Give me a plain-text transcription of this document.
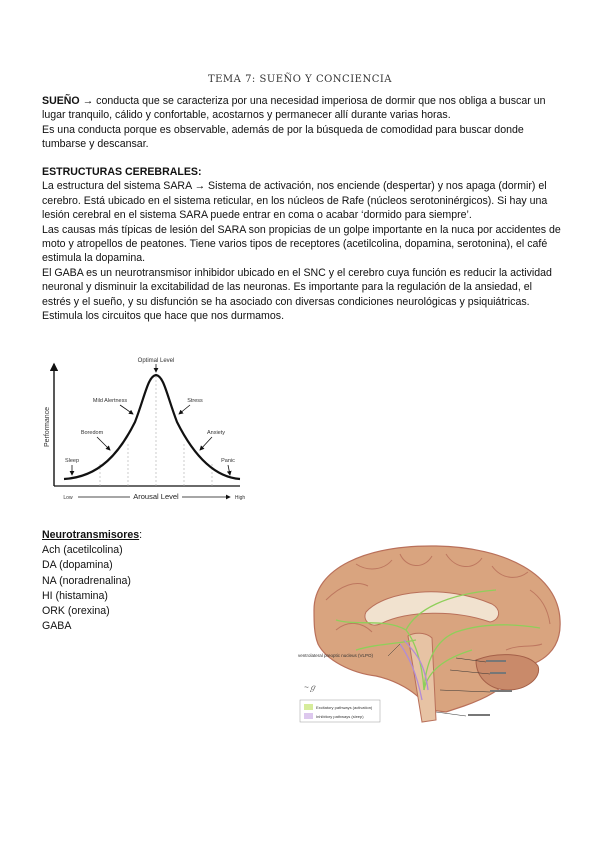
TEMA 7: SUEÑO Y CONCIENCIA

SUEÑO → conducta que se caracteriza por una necesidad imperiosa de dormir que nos obliga a buscar un lugar tranquilo, cálido y confortable, acostarnos y permanecer allí durante varias horas.

Es una conducta porque es observable, además de por la búsqueda de comodidad para buscar donde tumbarse y descansar.

ESTRUCTURAS CEREBRALES:

La estructura del sistema SARA → Sistema de activación, nos enciende (despertar) y nos apaga (dormir) el cerebro. Está ubicado en el sistema reticular, en los núcleos de Rafe (núcleos serotoninérgicos). Si hay una lesión cerebral en el sistema SARA puede entrar en coma o acabar ‘dormido para siempre’.

Las causas más típicas de lesión del SARA son propicias de un golpe importante en la nuca por accidentes de moto y atropellos de peatones. Tiene varios tipos de receptores (acetilcolina, dopamina, serotonina), el café estimula la dopamina.

El GABA es un neurotransmisor inhibidor ubicado en el SNC y el cerebro cuya función es reducir la actividad neuronal y disminuir la excitabilidad de las neuronas. Es importante para la regulación de la ansiedad, el estrés y el sueño, y su disfunción se ha asociado con diversas condiciones neurológicas y psiquiátricas. Estimula los circuitos que hace que nos durmamos.

Performance
Optimal Level
Mild Alertness	Stress
Boredom	Anxiety
Sleep	Panic
Low	Arousal Level	High
Neurotransmisores:
Ach (acetilcolina)
DA (dopamina)
NA (noradrenalina)
HI (histamina)
ORK (orexina)
GABA
ventrolateral preoptic nucleus (VLPO)
~ℊ
Excitatory pathways (activation)
Inhibitory pathways (sleep)
